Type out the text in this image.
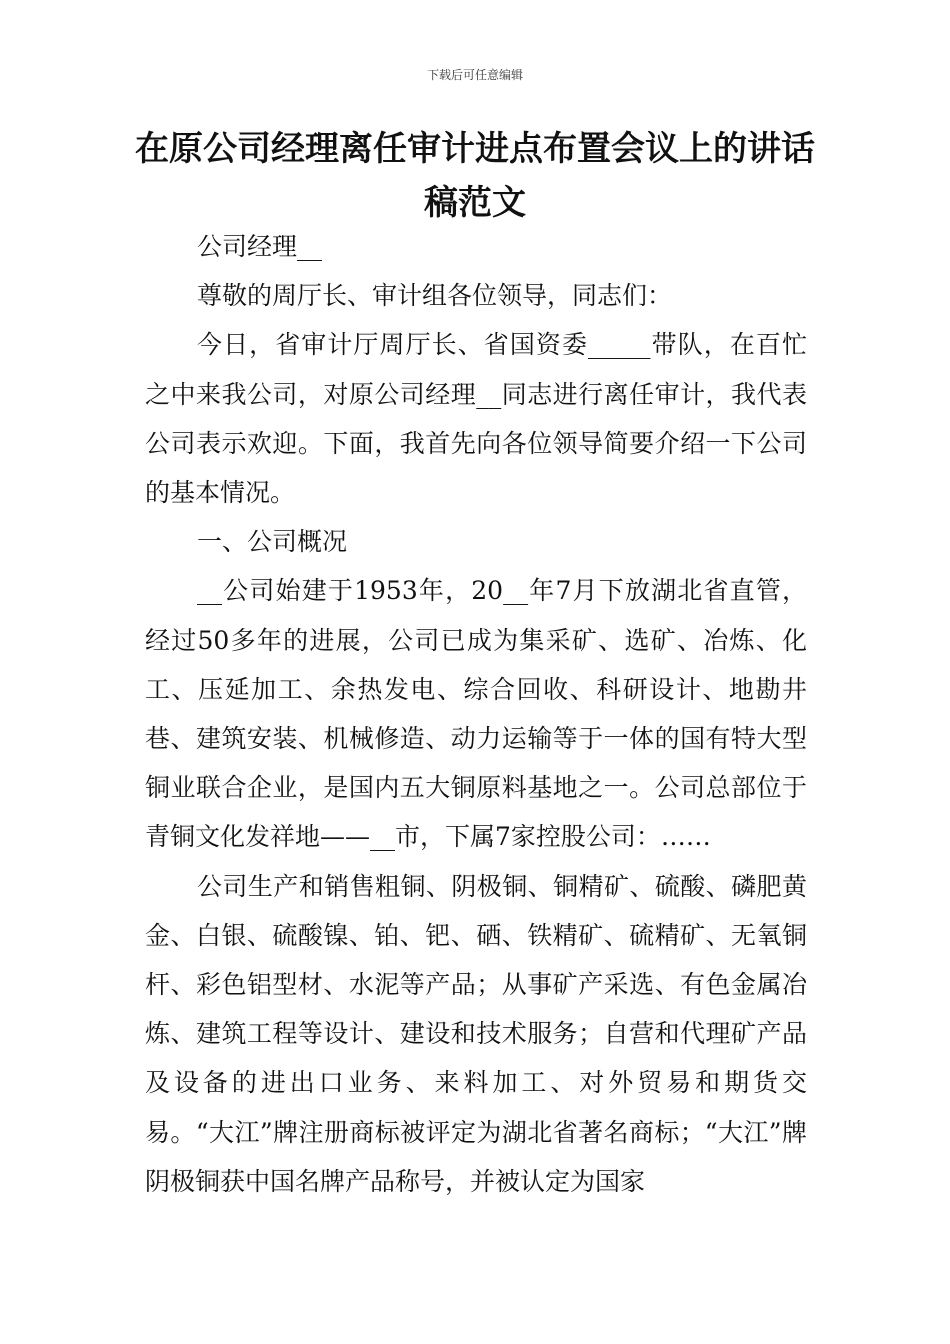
下载后可任意编辑
在原公司经理离任审计进点布置会议上的讲话稿范文

公司经理__

尊敬的周厅长、审计组各位领导，同志们：

今日，省审计厅周厅长、省国资委_____带队，在百忙之中来我公司，对原公司经理__同志进行离任审计，我代表公司表示欢迎。下面，我首先向各位领导简要介绍一下公司的基本情况。

一、公司概况

__公司始建于1953年，20__年7月下放湖北省直管，经过50多年的进展，公司已成为集采矿、选矿、冶炼、化工、压延加工、余热发电、综合回收、科研设计、地勘井巷、建筑安装、机械修造、动力运输等于一体的国有特大型铜业联合企业，是国内五大铜原料基地之一。公司总部位于青铜文化发祥地——__市，下属7家控股公司：……

公司生产和销售粗铜、阴极铜、铜精矿、硫酸、磷肥黄金、白银、硫酸镍、铂、钯、硒、铁精矿、硫精矿、无氧铜杆、彩色铝型材、水泥等产品；从事矿产采选、有色金属冶炼、建筑工程等设计、建设和技术服务；自营和代理矿产品及设备的进出口业务、来料加工、对外贸易和期货交易。“大江”牌注册商标被评定为湖北省著名商标；“大江”牌阴极铜获中国名牌产品称号，并被认定为国家
